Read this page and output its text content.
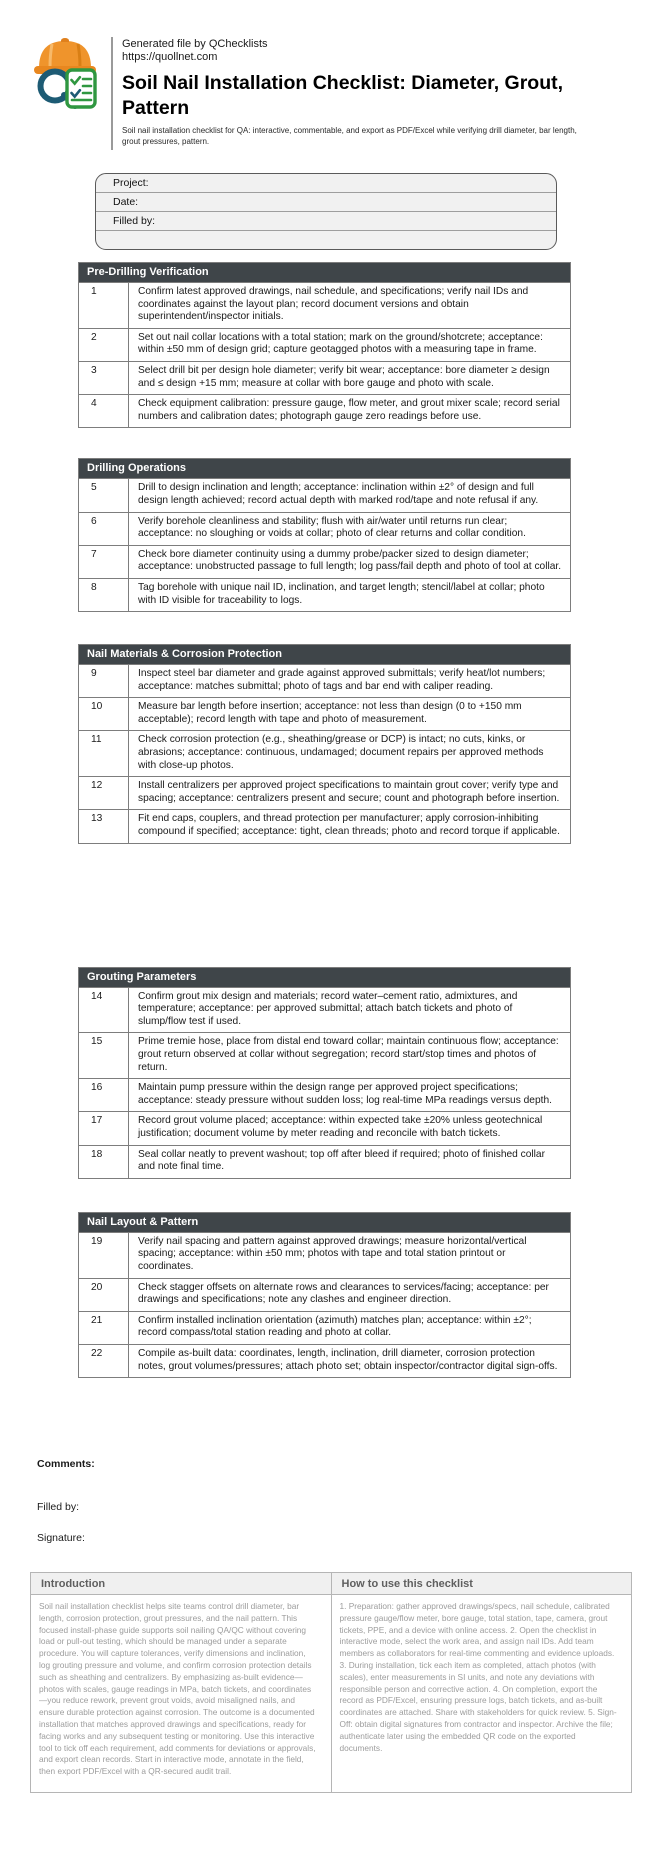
Generated file by QChecklists
https://quollnet.com
Soil Nail Installation Checklist: Diameter, Grout, Pattern

Soil nail installation checklist for QA: interactive, commentable, and export as PDF/Excel while verifying drill diameter, bar length, grout pressures, pattern.

Project:
Date:
Filled by:
Pre-Drilling Verification
1	Confirm latest approved drawings, nail schedule, and specifications; verify nail IDs and coordinates against the layout plan; record document versions and obtain superintendent/inspector initials.
2	Set out nail collar locations with a total station; mark on the ground/shotcrete; acceptance: within ±50 mm of design grid; capture geotagged photos with a measuring tape in frame.
3	Select drill bit per design hole diameter; verify bit wear; acceptance: bore diameter ≥ design and ≤ design +15 mm; measure at collar with bore gauge and photo with scale.
4	Check equipment calibration: pressure gauge, flow meter, and grout mixer scale; record serial numbers and calibration dates; photograph gauge zero readings before use.
Drilling Operations
5	Drill to design inclination and length; acceptance: inclination within ±2° of design and full design length achieved; record actual depth with marked rod/tape and note refusal if any.
6	Verify borehole cleanliness and stability; flush with air/water until returns run clear; acceptance: no sloughing or voids at collar; photo of clear returns and collar condition.
7	Check bore diameter continuity using a dummy probe/packer sized to design diameter; acceptance: unobstructed passage to full length; log pass/fail depth and photo of tool at collar.
8	Tag borehole with unique nail ID, inclination, and target length; stencil/label at collar; photo with ID visible for traceability to logs.
Nail Materials & Corrosion Protection
9	Inspect steel bar diameter and grade against approved submittals; verify heat/lot numbers; acceptance: matches submittal; photo of tags and bar end with caliper reading.
10	Measure bar length before insertion; acceptance: not less than design (0 to +150 mm acceptable); record length with tape and photo of measurement.
11	Check corrosion protection (e.g., sheathing/grease or DCP) is intact; no cuts, kinks, or abrasions; acceptance: continuous, undamaged; document repairs per approved methods with close-up photos.
12	Install centralizers per approved project specifications to maintain grout cover; verify type and spacing; acceptance: centralizers present and secure; count and photograph before insertion.
13	Fit end caps, couplers, and thread protection per manufacturer; apply corrosion-inhibiting compound if specified; acceptance: tight, clean threads; photo and record torque if applicable.
Grouting Parameters
14	Confirm grout mix design and materials; record water–cement ratio, admixtures, and temperature; acceptance: per approved submittal; attach batch tickets and photo of slump/flow test if used.
15	Prime tremie hose, place from distal end toward collar; maintain continuous flow; acceptance: grout return observed at collar without segregation; record start/stop times and photos of return.
16	Maintain pump pressure within the design range per approved project specifications; acceptance: steady pressure without sudden loss; log real-time MPa readings versus depth.
17	Record grout volume placed; acceptance: within expected take ±20% unless geotechnical justification; document volume by meter reading and reconcile with batch tickets.
18	Seal collar neatly to prevent washout; top off after bleed if required; photo of finished collar and note final time.
Nail Layout & Pattern
19	Verify nail spacing and pattern against approved drawings; measure horizontal/vertical spacing; acceptance: within ±50 mm; photos with tape and total station printout or coordinates.
20	Check stagger offsets on alternate rows and clearances to services/facing; acceptance: per drawings and specifications; note any clashes and engineer direction.
21	Confirm installed inclination orientation (azimuth) matches plan; acceptance: within ±2°; record compass/total station reading and photo at collar.
22	Compile as-built data: coordinates, length, inclination, drill diameter, corrosion protection notes, grout volumes/pressures; attach photo set; obtain inspector/contractor digital sign-offs.
Comments:
Filled by:
Signature:
Introduction	How to use this checklist
Soil nail installation checklist helps site teams control drill diameter, bar length, corrosion protection, grout pressures, and the nail pattern. This focused install-phase guide supports soil nailing QA/QC without covering load or pull-out testing, which should be managed under a separate procedure. You will capture tolerances, verify dimensions and inclination, log grouting pressure and volume, and confirm corrosion protection details such as sheathing and centralizers. By emphasizing as-built evidence—photos with scales, gauge readings in MPa, batch tickets, and coordinates—you reduce rework, prevent grout voids, avoid misaligned nails, and ensure durable protection against corrosion. The outcome is a documented installation that matches approved drawings and specifications, ready for facing works and any subsequent testing or monitoring. Use this interactive tool to tick off each requirement, add comments for deviations or approvals, and export clean records. Start in interactive mode, annotate in the field, then export PDF/Excel with a QR-secured audit trail.	1. Preparation: gather approved drawings/specs, nail schedule, calibrated pressure gauge/flow meter, bore gauge, total station, tape, camera, grout tickets, PPE, and a device with online access. 2. Open the checklist in interactive mode, select the work area, and assign nail IDs. Add team members as collaborators for real-time commenting and evidence uploads. 3. During installation, tick each item as completed, attach photos (with scales), enter measurements in SI units, and note any deviations with responsible person and corrective action. 4. On completion, export the record as PDF/Excel, ensuring pressure logs, batch tickets, and as-built coordinates are attached. Share with stakeholders for quick review. 5. Sign-Off: obtain digital signatures from contractor and inspector. Archive the file; authenticate later using the embedded QR code on the exported documents.
